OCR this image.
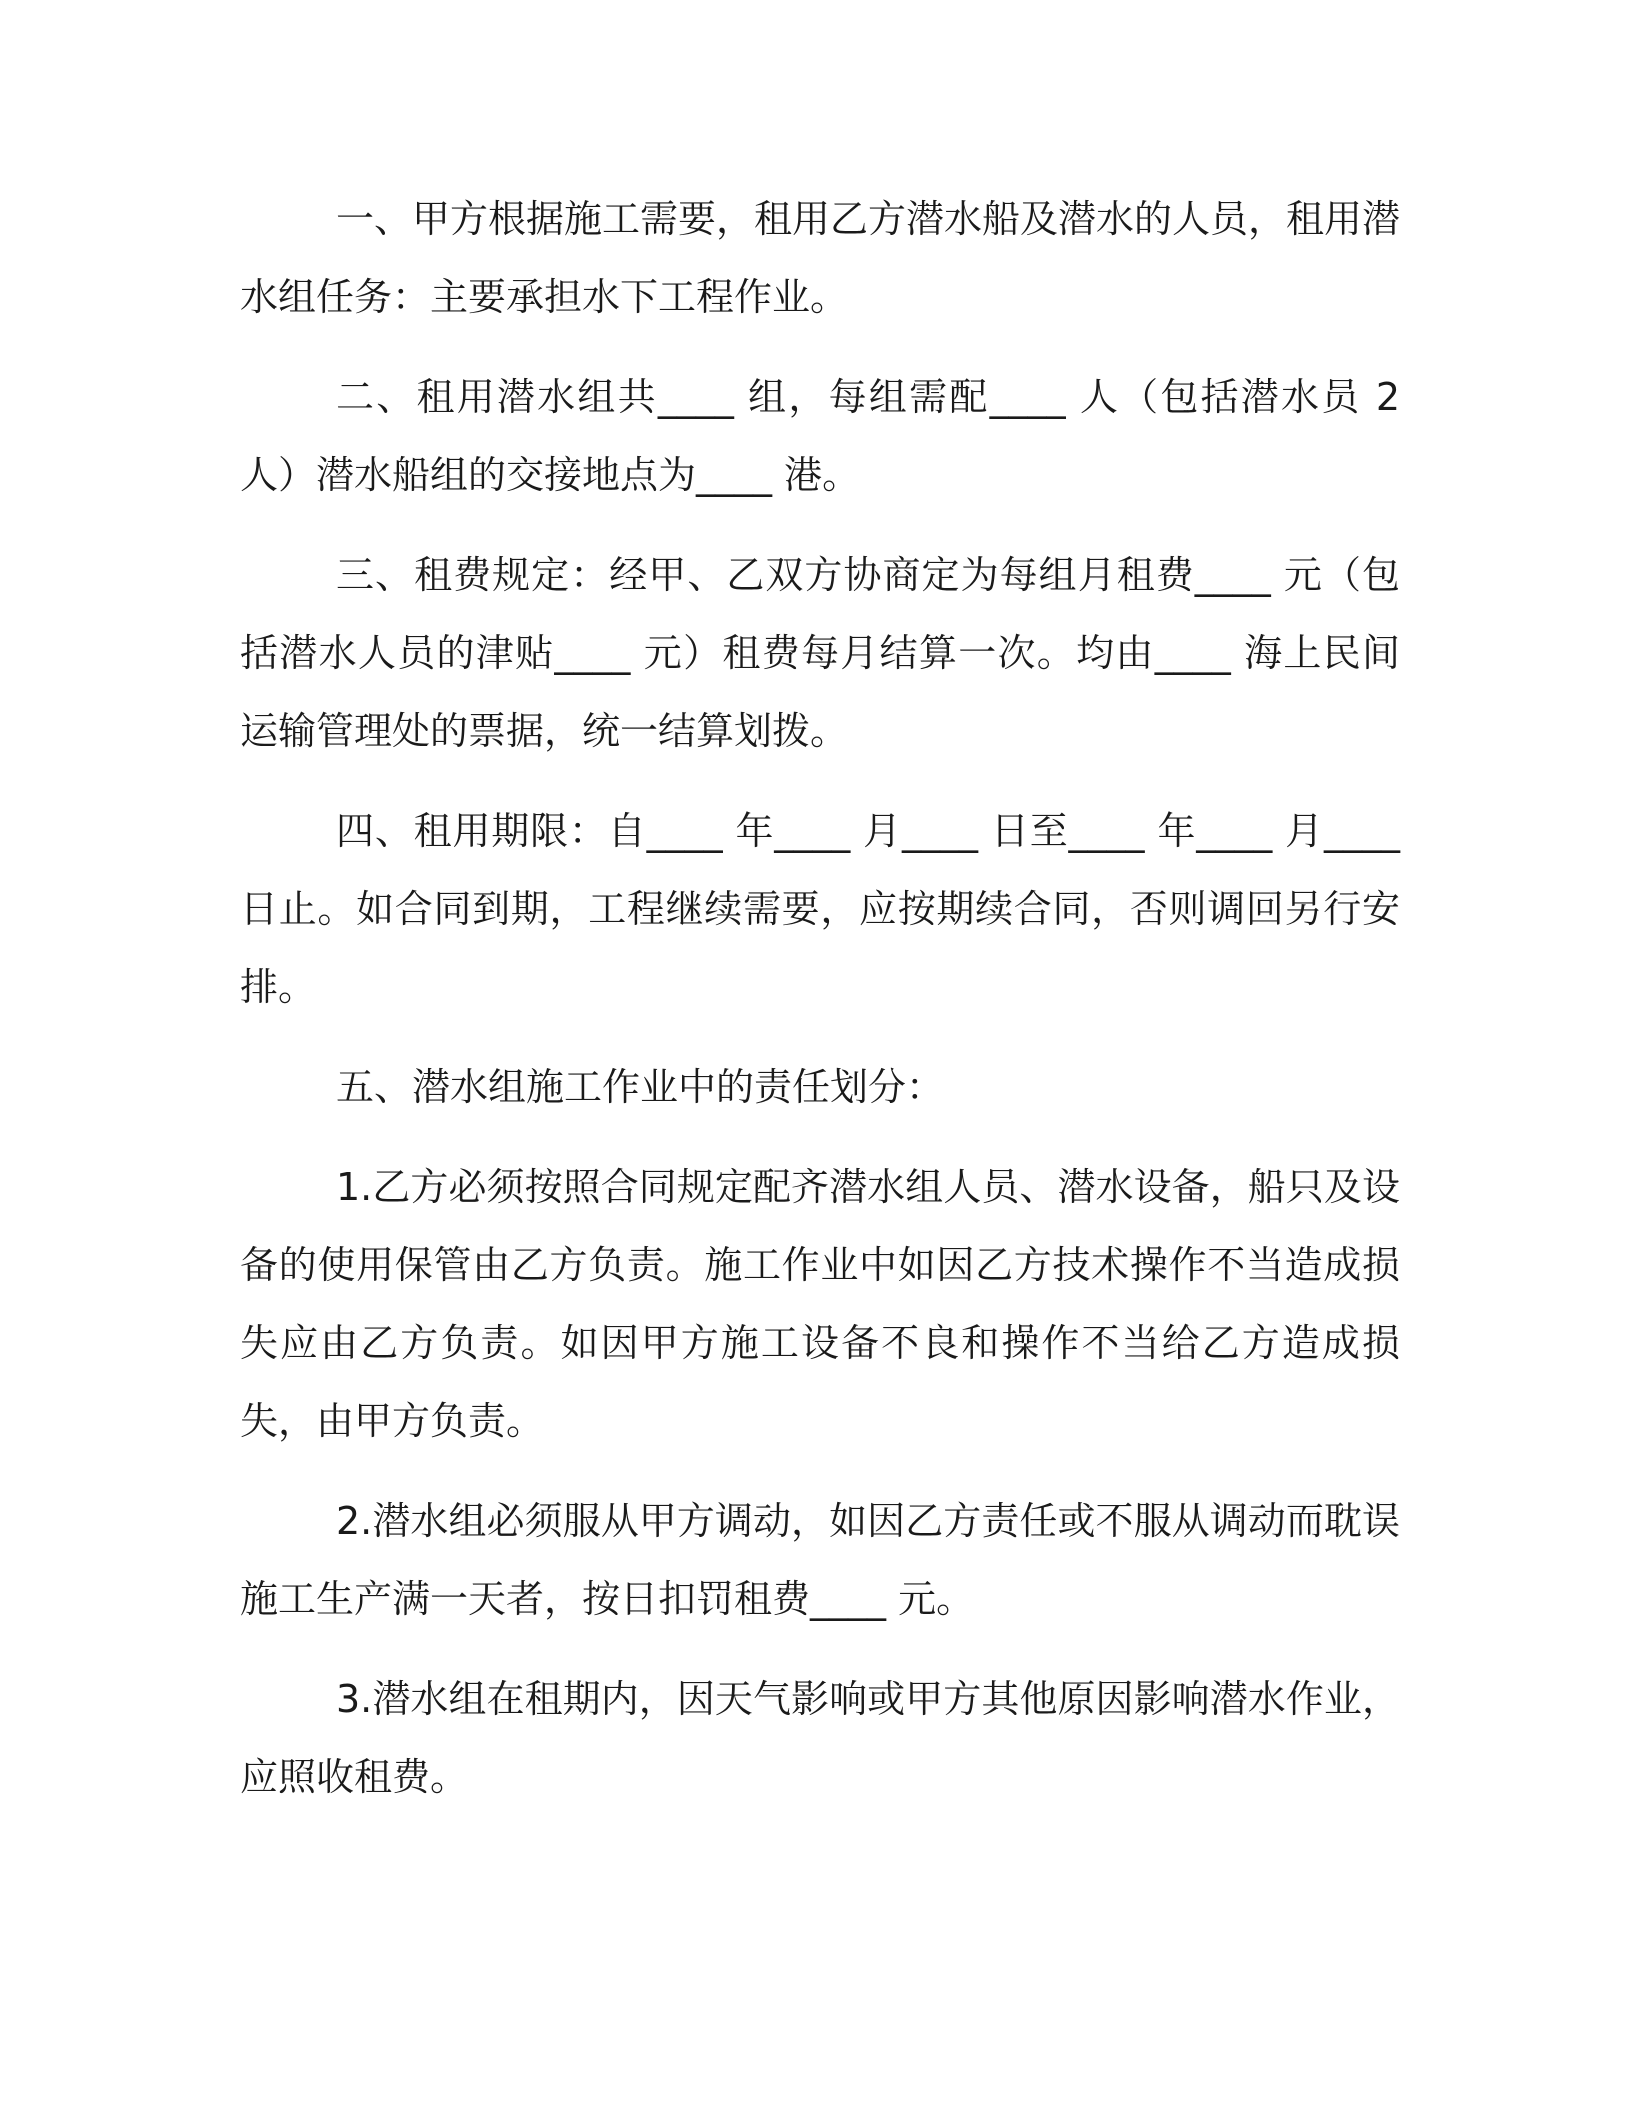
一、甲方根据施工需要，租用乙方潜水船及潜水的人员，租用潜水组任务：主要承担水下工程作业。

二、租用潜水组共____ 组，每组需配____ 人（包括潜水员 2 人）潜水船组的交接地点为____ 港。

三、租费规定：经甲、乙双方协商定为每组月租费____ 元（包括潜水人员的津贴____ 元）租费每月结算一次。均由____ 海上民间运输管理处的票据，统一结算划拨。

四、租用期限：自____ 年____ 月____ 日至____ 年____ 月____ 日止。如合同到期，工程继续需要，应按期续合同，否则调回另行安排。

五、潜水组施工作业中的责任划分：

1.乙方必须按照合同规定配齐潜水组人员、潜水设备，船只及设备的使用保管由乙方负责。施工作业中如因乙方技术操作不当造成损失应由乙方负责。如因甲方施工设备不良和操作不当给乙方造成损失，由甲方负责。

2.潜水组必须服从甲方调动，如因乙方责任或不服从调动而耽误施工生产满一天者，按日扣罚租费____ 元。

3.潜水组在租期内，因天气影响或甲方其他原因影响潜水作业，应照收租费。
